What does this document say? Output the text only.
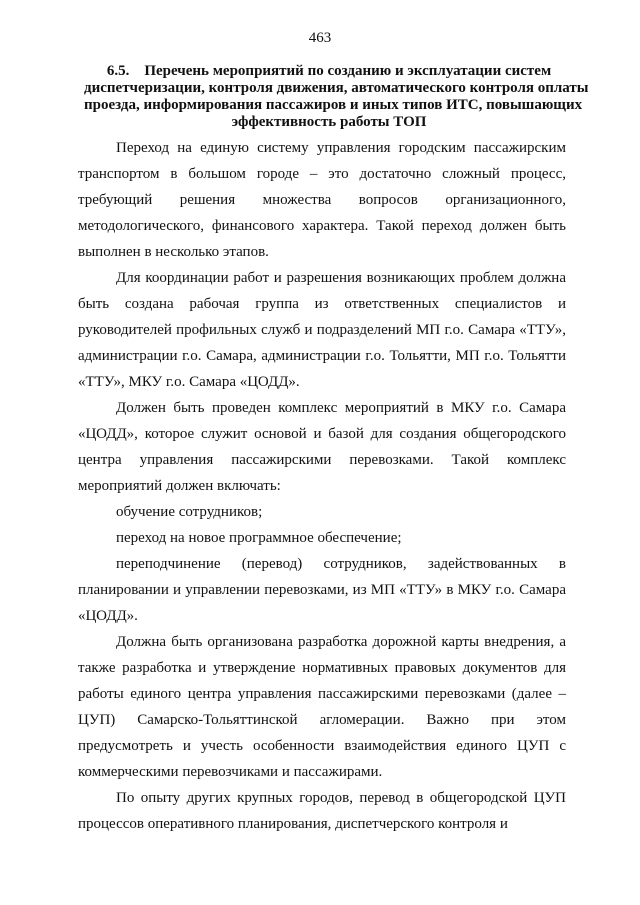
463
6.5.    Перечень мероприятий по созданию и эксплуатации систем
диспетчеризации, контроля движения, автоматического контроля оплаты
проезда, информирования пассажиров и иных типов ИТС, повышающих
эффективность работы ТОП

Переход на единую систему управления городским пассажирским транспортом в большом городе – это достаточно сложный процесс, требующий решения множества вопросов организационного, методологического, финансового характера. Такой переход должен быть выполнен в несколько этапов.

Для координации работ и разрешения возникающих проблем должна быть создана рабочая группа из ответственных специалистов и руководителей профильных служб и подразделений МП г.о. Самара «ТТУ», администрации г.о. Самара, администрации г.о. Тольятти, МП г.о. Тольятти «ТТУ», МКУ г.о. Самара «ЦОДД».

Должен быть проведен комплекс мероприятий в МКУ г.о. Самара «ЦОДД», которое служит основой и базой для создания общегородского центра управления пассажирскими перевозками. Такой комплекс мероприятий должен включать:

обучение сотрудников;

переход на новое программное обеспечение;

переподчинение (перевод) сотрудников, задействованных в планировании и управлении перевозками, из МП «ТТУ» в МКУ г.о. Самара «ЦОДД».

Должна быть организована разработка дорожной карты внедрения, а также разработка и утверждение нормативных правовых документов для работы единого центра управления пассажирскими перевозками (далее – ЦУП) Самарско-Тольяттинской агломерации. Важно при этом предусмотреть и учесть особенности взаимодействия единого ЦУП с коммерческими перевозчиками и пассажирами.

По опыту других крупных городов, перевод в общегородской ЦУП процессов оперативного планирования, диспетчерского контроля и
